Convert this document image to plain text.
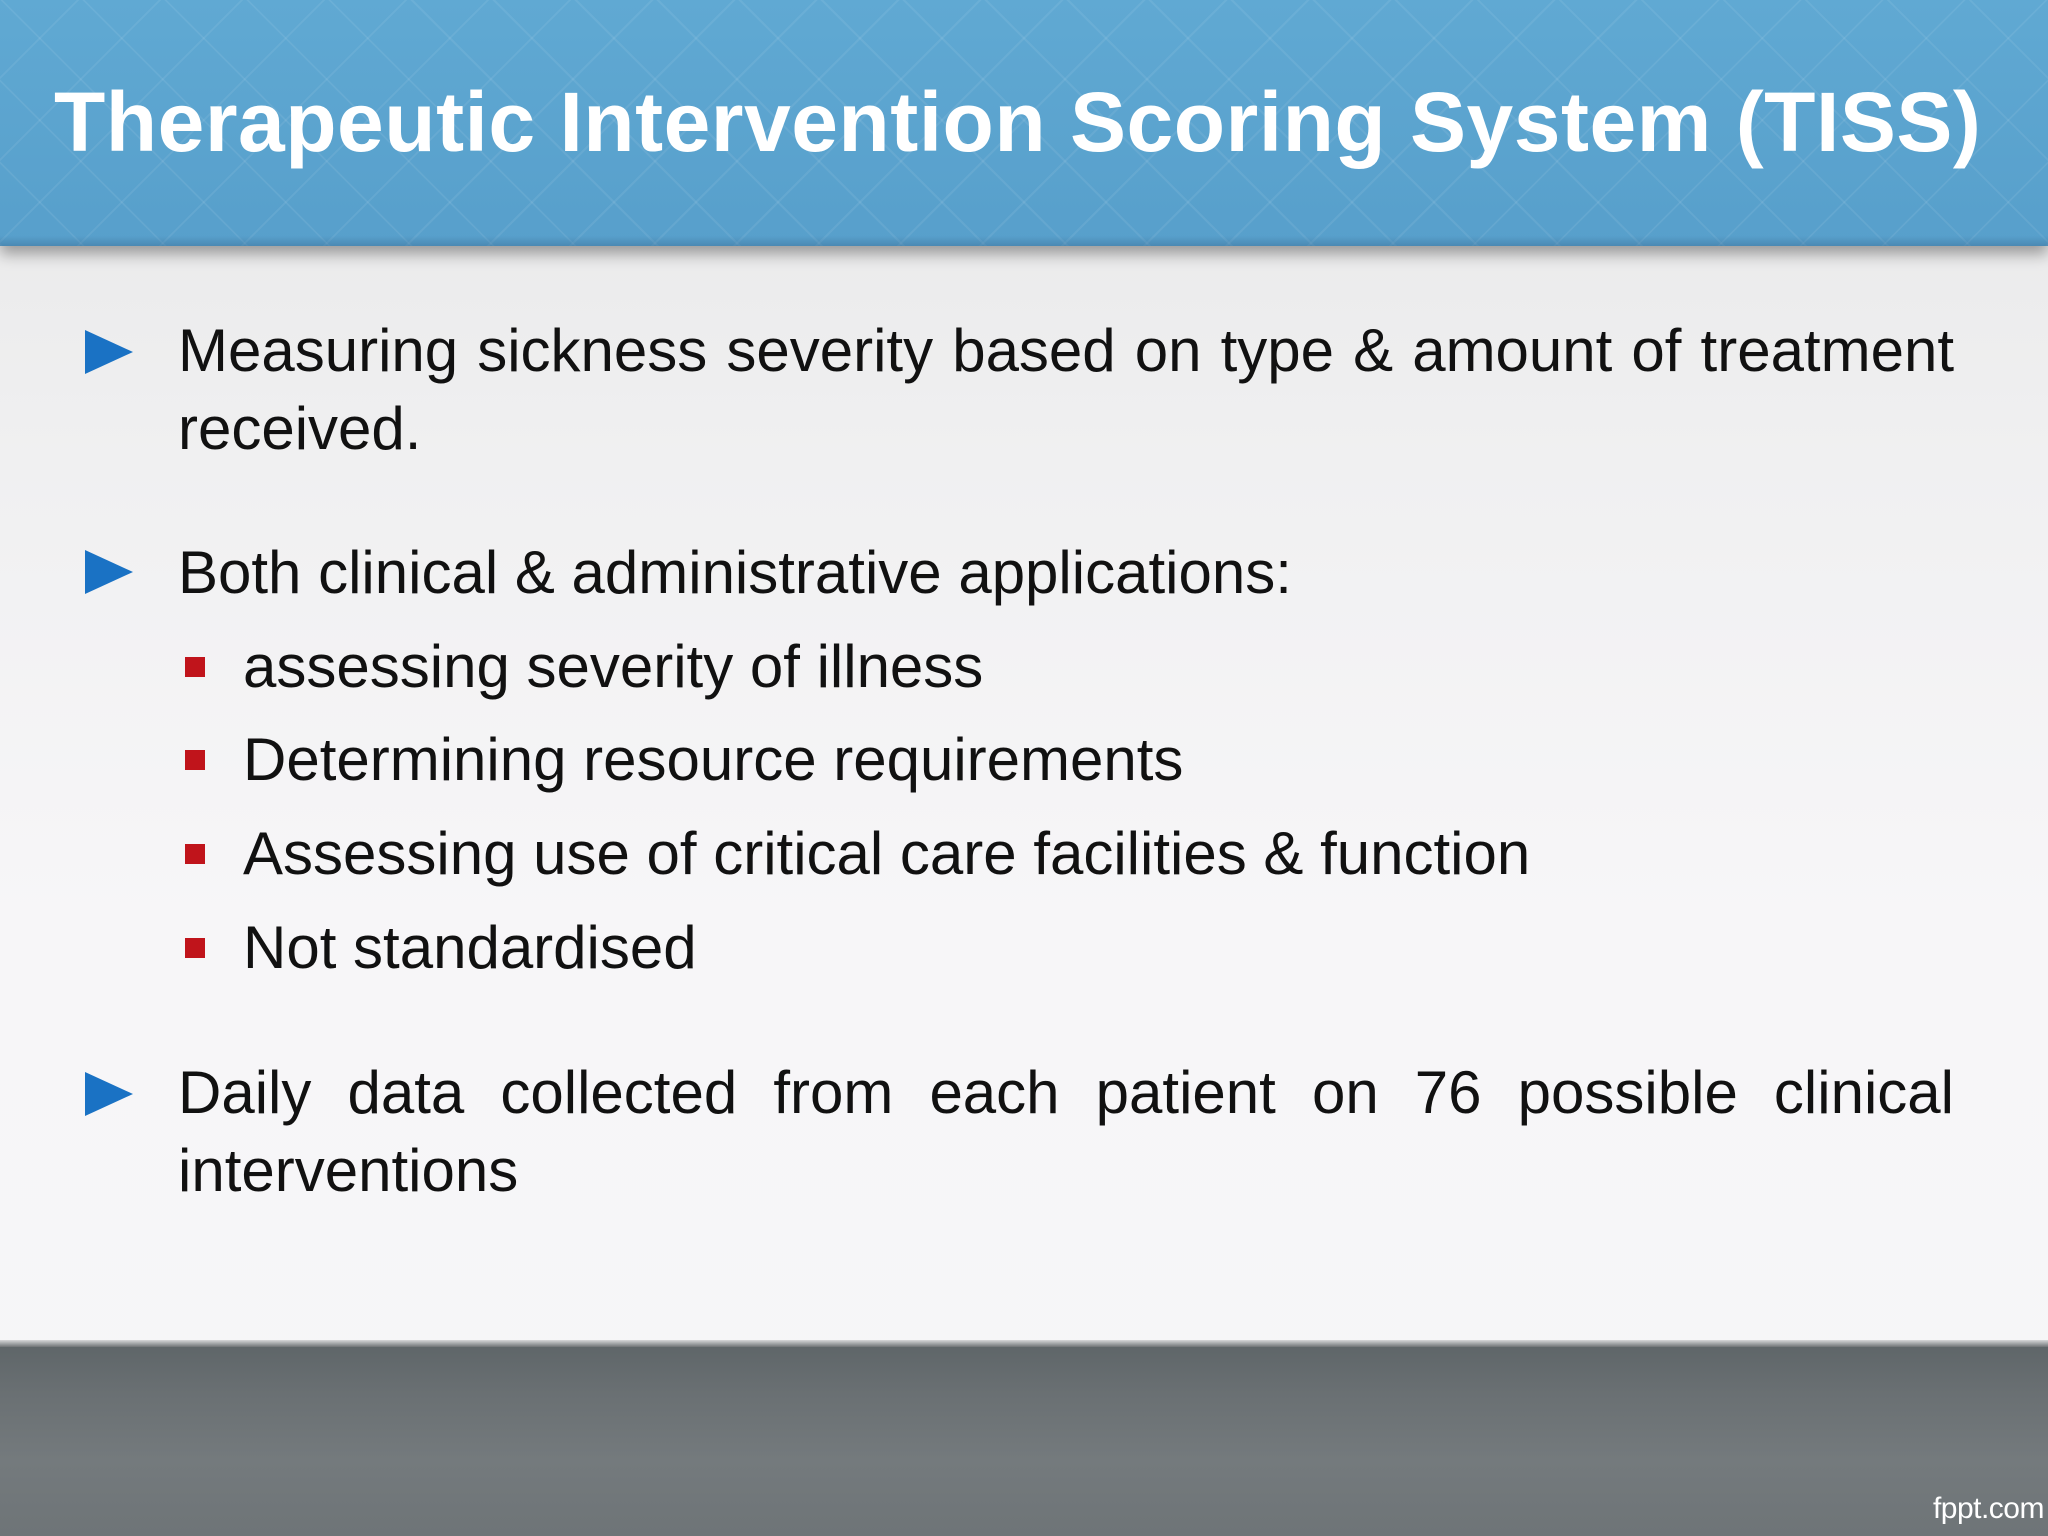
Therapeutic Intervention Scoring System (TISS)

Measuring sickness severity based on type & amount of treatment received.

Both clinical & administrative applications:

assessing severity of illness

Determining resource requirements

Assessing use of critical care facilities & function

Not standardised

Daily data collected from each patient on 76 possible clinical interventions

fppt.com
